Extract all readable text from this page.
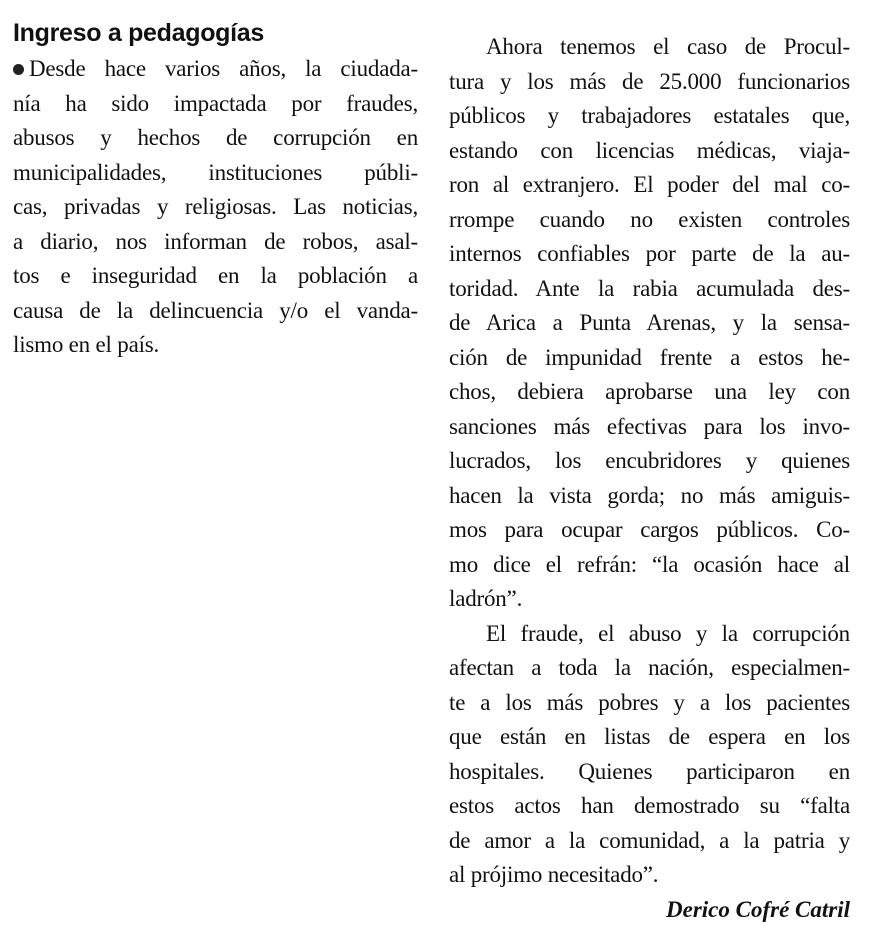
Ingreso a pedagogías
Desde hace varios años, la ciudada-
nía ha sido impactada por fraudes,
abusos y hechos de corrupción en
municipalidades, instituciones públi-
cas, privadas y religiosas. Las noticias,
a diario, nos informan de robos, asal-
tos e inseguridad en la población a
causa de la delincuencia y/o el vanda-
lismo en el país.
Ahora tenemos el caso de Procul-
tura y los más de 25.000 funcionarios
públicos y trabajadores estatales que,
estando con licencias médicas, viaja-
ron al extranjero. El poder del mal co-
rrompe cuando no existen controles
internos confiables por parte de la au-
toridad. Ante la rabia acumulada des-
de Arica a Punta Arenas, y la sensa-
ción de impunidad frente a estos he-
chos, debiera aprobarse una ley con
sanciones más efectivas para los invo-
lucrados, los encubridores y quienes
hacen la vista gorda; no más amiguis-
mos para ocupar cargos públicos. Co-
mo dice el refrán: “la ocasión hace al
ladrón”.
El fraude, el abuso y la corrupción
afectan a toda la nación, especialmen-
te a los más pobres y a los pacientes
que están en listas de espera en los
hospitales. Quienes participaron en
estos actos han demostrado su “falta
de amor a la comunidad, a la patria y
al prójimo necesitado”.
Derico Cofré Catril
